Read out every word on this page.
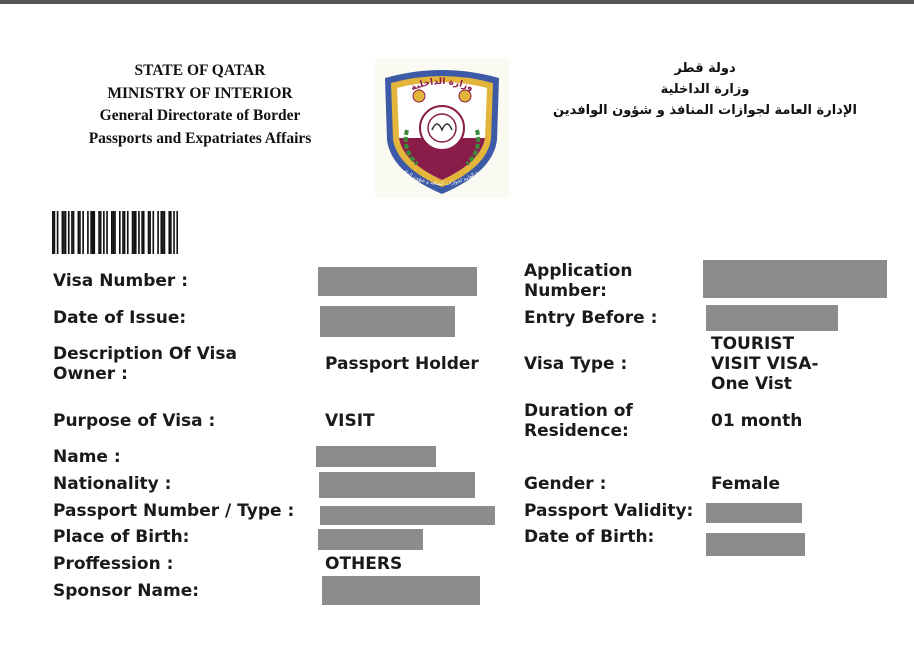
STATE OF QATAR
MINISTRY OF INTERIOR
General Directorate of Border
Passports and Expatriates Affairs
وزارة الداخلية
رة العامة لجوازات المنافذ و شؤون الواف
دولة قطر
وزارة الداخلية
الإدارة العامة لجوازات المنافذ و شؤون الوافدين
Visa Number :
Date of Issue:
Description Of Visa Owner :	Passport Holder
Purpose of Visa :	VISIT
Name :
Nationality :
Passport Number / Type :
Place of Birth:
Proffession :	OTHERS
Sponsor Name:
Application Number:
Entry Before :
Visa Type :
TOURIST VISIT VISA-One Vist
Duration of Residence:	01 month
Gender :	Female
Passport Validity:
Date of Birth:
